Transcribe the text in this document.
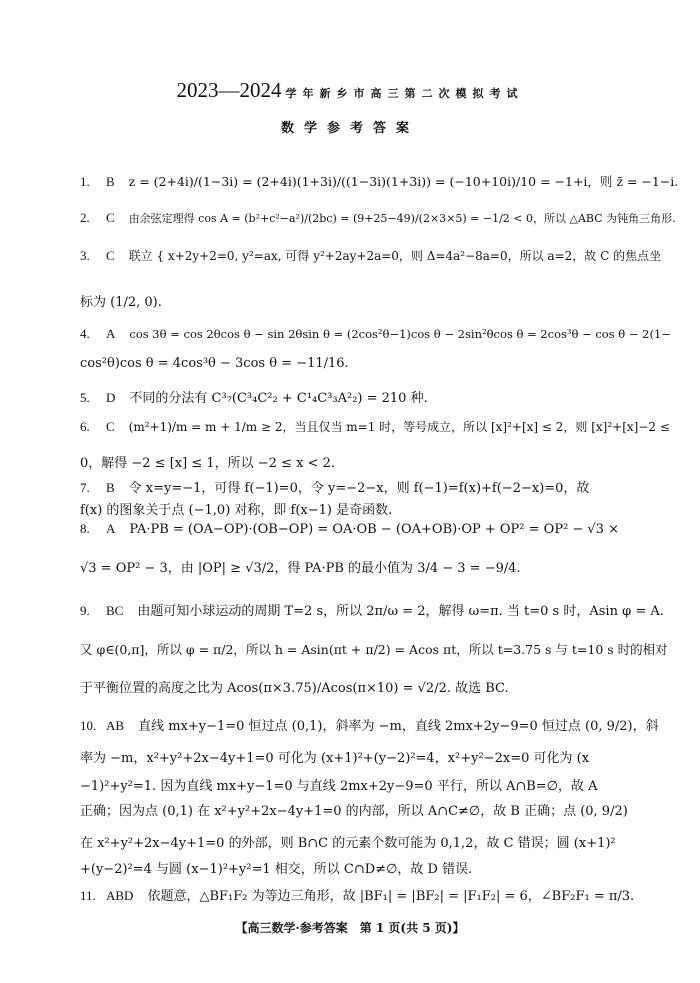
2023—2024 学年新乡市高三第二次模拟考试
数学参考答案
1. B z = (2+4i)/(1−3i) = (2+4i)(1+3i)/((1−3i)(1+3i)) = (−10+10i)/10 = −1+i，则 z̄ = −1−i.
2. C 由余弦定理得 cos A = (b²+c²−a²)/(2bc) = (9+25−49)/(2×3×5) = −1/2 < 0，所以 △ABC 为钝角三角形.
3. C 联立 { x+2y+2=0, y²=ax, 可得 y²+2ay+2a=0，则 Δ=4a²−8a=0，所以 a=2，故 C 的焦点坐
标为 (1/2, 0).
4. A cos 3θ = cos 2θcos θ − sin 2θsin θ = (2cos²θ−1)cos θ − 2sin²θcos θ = 2cos³θ − cos θ − 2(1−
cos²θ)cos θ = 4cos³θ − 3cos θ = −11/16.
5. D 不同的分法有 C³₇(C³₄C²₂ + C¹₄C³₃A²₂) = 210 种.
6. C (m²+1)/m = m + 1/m ≥ 2，当且仅当 m=1 时，等号成立，所以 [x]²+[x] ≤ 2，则 [x]²+[x]−2 ≤
0，解得 −2 ≤ [x] ≤ 1，所以 −2 ≤ x < 2.
7. B 令 x=y=−1，可得 f(−1)=0，令 y=−2−x，则 f(−1)=f(x)+f(−2−x)=0，故
f(x) 的图象关于点 (−1,0) 对称，即 f(x−1) 是奇函数.
8. A PA·PB = (OA−OP)·(OB−OP) = OA·OB − (OA+OB)·OP + OP² = OP² − √3 ×
√3 = OP² − 3，由 |OP| ≥ √3/2，得 PA·PB 的最小值为 3/4 − 3 = −9/4.
9. BC 由题可知小球运动的周期 T=2 s，所以 2π/ω = 2，解得 ω=π. 当 t=0 s 时，Asin φ = A.
又 φ∈(0,π]，所以 φ = π/2，所以 h = Asin(πt + π/2) = Acos πt，所以 t=3.75 s 与 t=10 s 时的相对
于平衡位置的高度之比为 Acos(π×3.75)/Acos(π×10) = √2/2. 故选 BC.
10. AB 直线 mx+y−1=0 恒过点 (0,1)，斜率为 −m，直线 2mx+2y−9=0 恒过点 (0, 9/2)，斜
率为 −m，x²+y²+2x−4y+1=0 可化为 (x+1)²+(y−2)²=4，x²+y²−2x=0 可化为 (x
−1)²+y²=1. 因为直线 mx+y−1=0 与直线 2mx+2y−9=0 平行，所以 A∩B=∅，故 A
正确；因为点 (0,1) 在 x²+y²+2x−4y+1=0 的内部，所以 A∩C≠∅，故 B 正确；点 (0, 9/2)
在 x²+y²+2x−4y+1=0 的外部，则 B∩C 的元素个数可能为 0,1,2，故 C 错误；圆 (x+1)²
+(y−2)²=4 与圆 (x−1)²+y²=1 相交，所以 C∩D≠∅，故 D 错误.
11. ABD 依题意，△BF₁F₂ 为等边三角形，故 |BF₁| = |BF₂| = |F₁F₂| = 6，∠BF₂F₁ = π/3.
【高三数学·参考答案　第 1 页(共 5 页)】
